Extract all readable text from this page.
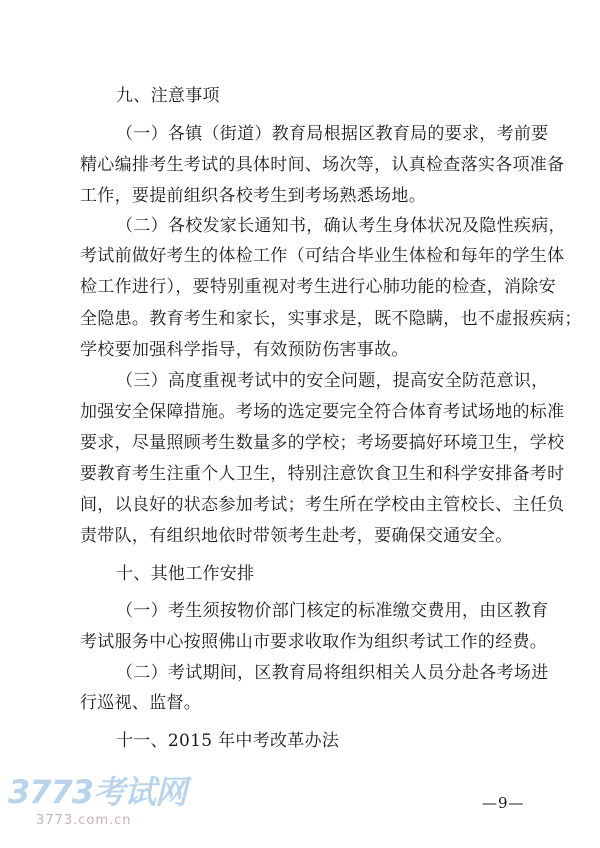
九、注意事项
（一）各镇（街道）教育局根据区教育局的要求，考前要
精心编排考生考试的具体时间、场次等，认真检查落实各项准备
工作，要提前组织各校考生到考场熟悉场地。
（二）各校发家长通知书，确认考生身体状况及隐性疾病，
考试前做好考生的体检工作（可结合毕业生体检和每年的学生体
检工作进行），要特别重视对考生进行心肺功能的检查，消除安
全隐患。教育考生和家长，实事求是，既不隐瞒，也不虚报疾病；
学校要加强科学指导，有效预防伤害事故。
（三）高度重视考试中的安全问题，提高安全防范意识，
加强安全保障措施。考场的选定要完全符合体育考试场地的标准
要求，尽量照顾考生数量多的学校；考场要搞好环境卫生，学校
要教育考生注重个人卫生，特别注意饮食卫生和科学安排备考时
间，以良好的状态参加考试；考生所在学校由主管校长、主任负
责带队，有组织地依时带领考生赴考，要确保交通安全。
十、其他工作安排
（一）考生须按物价部门核定的标准缴交费用，由区教育
考试服务中心按照佛山市要求收取作为组织考试工作的经费。
（二）考试期间，区教育局将组织相关人员分赴各考场进
行巡视、监督。
十一、2015 年中考改革办法
—9—
3773考试网
3773.com.cn
